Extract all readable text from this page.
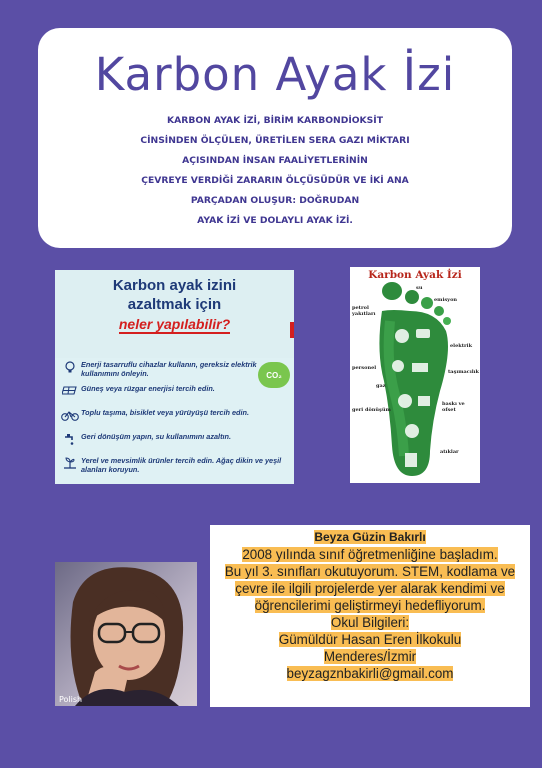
Karbon Ayak İzi
KARBON AYAK İZİ, BİRİM KARBONDİOKSİT
CİNSİNDEN ÖLÇÜLEN, ÜRETİLEN SERA GAZI MİKTARI
AÇISINDAN İNSAN FAALİYETLERİNİN
ÇEVREYE VERDİĞİ ZARARIN ÖLÇÜSÜDÜR VE İKİ ANA
PARÇADAN OLUŞUR: DOĞRUDAN
AYAK İZİ VE DOLAYLI AYAK İZİ.
Karbon ayak izini
azaltmak için
neler yapılabilir?
CO₂
Enerji tasarruflu cihazlar kullanın, gereksiz elektrik kullanımını önleyin.
Güneş veya rüzgar enerjisi tercih edin.
Toplu taşıma, bisiklet veya yürüyüşü tercih edin.
Geri dönüşüm yapın, su kullanımını azaltın.
Yerel ve mevsimlik ürünler tercih edin. Ağaç dikin ve yeşil alanları koruyun.
Karbon Ayak İzi
su
emisyon
petrol yakıtları
elektrik
personel
taşımacılık
gaz
baskı ve ofset
geri dönüşüm
atıklar
Beyza Güzin Bakırlı
2008 yılında sınıf öğretmenliğine başladım.
Bu yıl 3. sınıfları okutuyorum. STEM, kodlama ve
çevre ile ilgili projelerde yer alarak kendimi ve
öğrencilerimi geliştirmeyi hedefliyorum.
Okul Bilgileri:
Gümüldür Hasan Eren İlkokulu
Menderes/İzmir
beyzagznbakirli@gmail.com
Polish
